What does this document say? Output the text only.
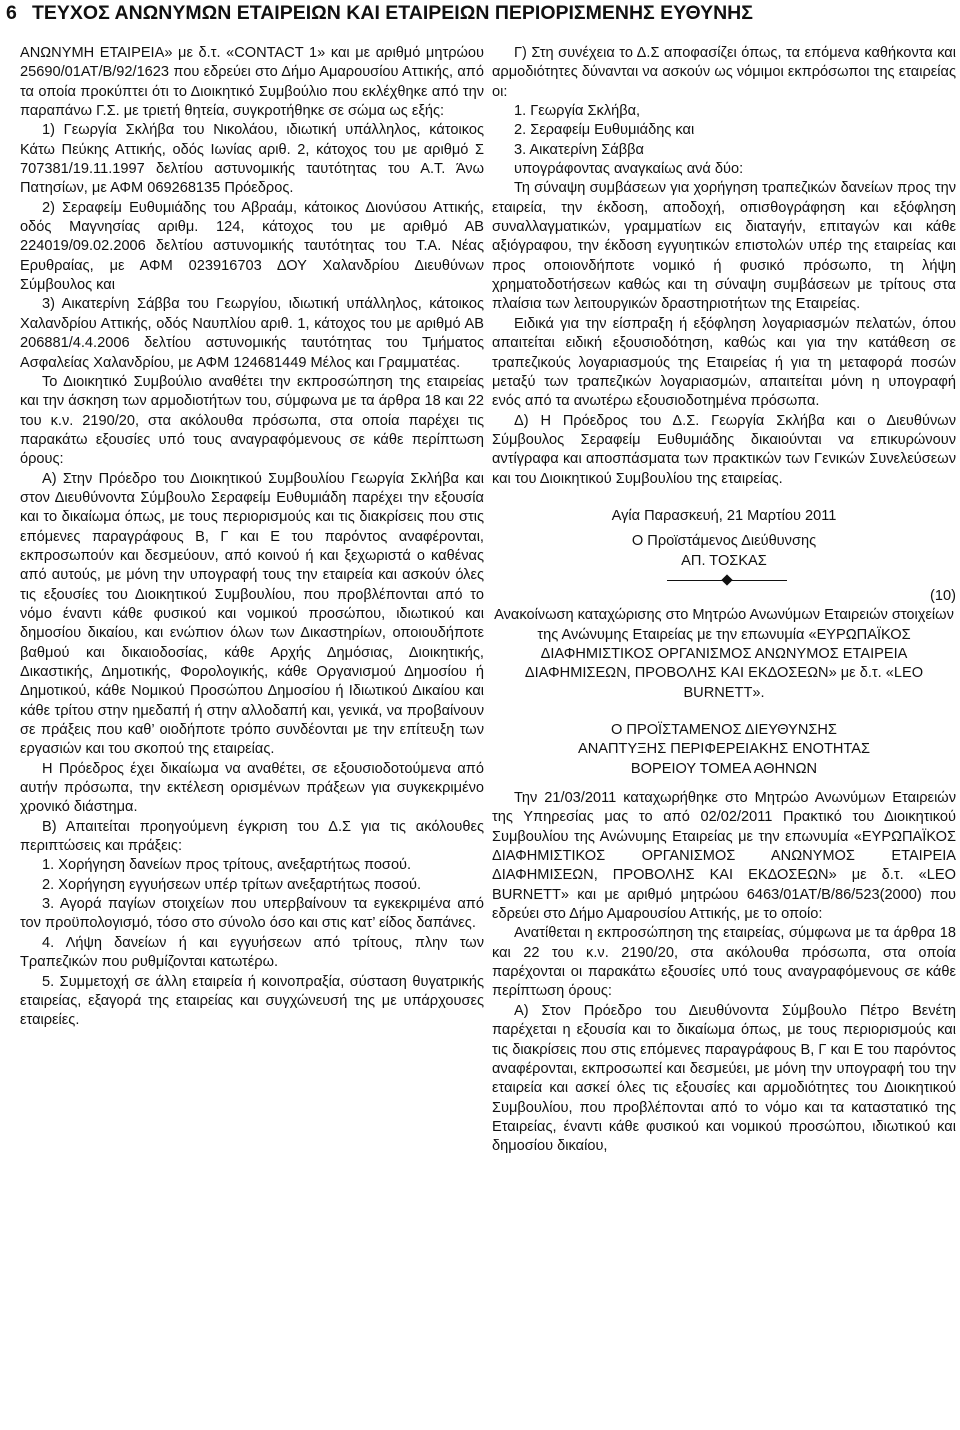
6 ΤΕΥΧΟΣ ΑΝΩΝΥΜΩΝ ΕΤΑΙΡΕΙΩΝ ΚΑΙ ΕΤΑΙΡΕΙΩΝ ΠΕΡΙΟΡΙΣΜΕΝΗΣ ΕΥΘΥΝΗΣ

ΑΝΩΝΥΜΗ ΕΤΑΙΡΕΙΑ» με δ.τ. «CONTACT 1» και με αριθμό μητρώου 25690/01ΑΤ/Β/92/1623 που εδρεύει στο Δήμο Αμαρουσίου Αττικής, από τα οποία προκύπτει ότι το Διοικητικό Συμβούλιο που εκλέχθηκε από την παραπάνω Γ.Σ. με τριετή θητεία, συγκροτήθηκε σε σώμα ως εξής:

1) Γεωργία Σκλήβα του Νικολάου, ιδιωτική υπάλληλος, κάτοικος Κάτω Πεύκης Αττικής, οδός Ιωνίας αριθ. 2, κάτοχος του με αριθμό Σ 707381/19.11.1997 δελτίου αστυνομικής ταυτότητας του Α.Τ. Άνω Πατησίων, με ΑΦΜ 069268135 Πρόεδρος.

2) Σεραφείμ Ευθυμιάδης του Αβραάμ, κάτοικος Διονύσου Αττικής, οδός Μαγνησίας αριθμ. 124, κάτοχος του με αριθμό ΑΒ 224019/09.02.2006 δελτίου αστυνομικής ταυτότητας του Τ.Α. Νέας Ερυθραίας, με ΑΦΜ 023916703 ΔΟΥ Χαλανδρίου Διευθύνων Σύμβουλος και

3) Αικατερίνη Σάββα του Γεωργίου, ιδιωτική υπάλληλος, κάτοικος Χαλανδρίου Αττικής, οδός Ναυπλίου αριθ. 1, κάτοχος του με αριθμό ΑΒ 206881/4.4.2006 δελτίου αστυνομικής ταυτότητας του Τμήματος Ασφαλείας Χαλανδρίου, με ΑΦΜ 124681449 Μέλος και Γραμματέας.

Το Διοικητικό Συμβούλιο αναθέτει την εκπροσώπηση της εταιρείας και την άσκηση των αρμοδιοτήτων του, σύμφωνα με τα άρθρα 18 και 22 του κ.ν. 2190/20, στα ακόλουθα πρόσωπα, στα οποία παρέχει τις παρακάτω εξουσίες υπό τους αναγραφόμενους σε κάθε περίπτωση όρους:

Α) Στην Πρόεδρο του Διοικητικού Συμβουλίου Γεωργία Σκλήβα και στον Διευθύνοντα Σύμβουλο Σεραφείμ Ευθυμιάδη παρέχει την εξουσία και το δικαίωμα όπως, με τους περιορισμούς και τις διακρίσεις που στις επόμενες παραγράφους Β, Γ και Ε του παρόντος αναφέρονται, εκπροσωπούν και δεσμεύουν, από κοινού ή και ξεχωριστά ο καθένας από αυτούς, με μόνη την υπογραφή τους την εταιρεία και ασκούν όλες τις εξουσίες του Διοικητικού Συμβουλίου, που προβλέπονται από το νόμο έναντι κάθε φυσικού και νομικού προσώπου, ιδιωτικού και δημοσίου δικαίου, και ενώπιον όλων των Δικαστηρίων, οποιουδήποτε βαθμού και δικαιοδοσίας, κάθε Αρχής Δημόσιας, Διοικητικής, Δικαστικής, Δημοτικής, Φορολογικής, κάθε Οργανισμού Δημοσίου ή Δημοτικού, κάθε Νομικού Προσώπου Δημοσίου ή Ιδιωτικού Δικαίου και κάθε τρίτου στην ημεδαπή ή στην αλλοδαπή και, γενικά, να προβαίνουν σε πράξεις που καθ’ οιοδήποτε τρόπο συνδέονται με την επίτευξη των εργασιών και του σκοπού της εταιρείας.

Η Πρόεδρος έχει δικαίωμα να αναθέτει, σε εξουσιοδοτούμενα από αυτήν πρόσωπα, την εκτέλεση ορισμένων πράξεων για συγκεκριμένο χρονικό διάστημα.

Β) Απαιτείται προηγούμενη έγκριση του Δ.Σ για τις ακόλουθες περιπτώσεις και πράξεις:

1. Χορήγηση δανείων προς τρίτους, ανεξαρτήτως ποσού.

2. Χορήγηση εγγυήσεων υπέρ τρίτων ανεξαρτήτως ποσού.

3. Αγορά παγίων στοιχείων που υπερβαίνουν τα εγκεκριμένα από τον προϋπολογισμό, τόσο στο σύνολο όσο και στις κατ’ είδος δαπάνες.

4. Λήψη δανείων ή και εγγυήσεων από τρίτους, πλην των Τραπεζικών που ρυθμίζονται κατωτέρω.

5. Συμμετοχή σε άλλη εταιρεία ή κοινοπραξία, σύσταση θυγατρικής εταιρείας, εξαγορά της εταιρείας και συγχώνευσή της με υπάρχουσες εταιρείες.

Γ) Στη συνέχεια το Δ.Σ αποφασίζει όπως, τα επόμενα καθήκοντα και αρμοδιότητες δύνανται να ασκούν ως νόμιμοι εκπρόσωποι της εταιρείας οι:

1. Γεωργία Σκλήβα,

2. Σεραφείμ Ευθυμιάδης και

3. Αικατερίνη Σάββα

υπογράφοντας αναγκαίως ανά δύο:

Τη σύναψη συμβάσεων για χορήγηση τραπεζικών δανείων προς την εταιρεία, την έκδοση, αποδοχή, οπισθογράφηση και εξόφληση συναλλαγματικών, γραμματίων εις διαταγήν, επιταγών και κάθε αξιόγραφου, την έκδοση εγγυητικών επιστολών υπέρ της εταιρείας και προς οποιονδήποτε νομικό ή φυσικό πρόσωπο, τη λήψη χρηματοδοτήσεων καθώς και τη σύναψη συμβάσεων με τρίτους στα πλαίσια των λειτουργικών δραστηριοτήτων της Εταιρείας.

Ειδικά για την είσπραξη ή εξόφληση λογαριασμών πελατών, όπου απαιτείται ειδική εξουσιοδότηση, καθώς και για την κατάθεση σε τραπεζικούς λογαριασμούς της Εταιρείας ή για τη μεταφορά ποσών μεταξύ των τραπεζικών λογαριασμών, απαιτείται μόνη η υπογραφή ενός από τα ανωτέρω εξουσιοδοτημένα πρόσωπα.

Δ) Η Πρόεδρος του Δ.Σ. Γεωργία Σκλήβα και ο Διευθύνων Σύμβουλος Σεραφείμ Ευθυμιάδης δικαιούνται να επικυρώνουν αντίγραφα και αποσπάσματα των πρακτικών των Γενικών Συνελεύσεων και του Διοικητικού Συμβουλίου της εταιρείας.

Αγία Παρασκευή, 21 Μαρτίου 2011

Ο Προϊστάμενος Διεύθυνσης

ΑΠ. ΤΟΣΚΑΣ

(10)

Ανακοίνωση καταχώρισης στο Μητρώο Ανωνύμων Εταιρειών στοιχείων της Ανώνυμης Εταιρείας με την επωνυμία «ΕΥΡΩΠΑΪΚΟΣ ΔΙΑΦΗΜΙΣΤΙΚΟΣ ΟΡΓΑΝΙΣΜΟΣ ΑΝΩΝΥΜΟΣ ΕΤΑΙΡΕΙΑ ΔΙΑΦΗΜΙΣΕΩΝ, ΠΡΟΒΟΛΗΣ ΚΑΙ ΕΚΔΟΣΕΩΝ» με δ.τ. «LEO BURNETT».

Ο ΠΡΟΪΣΤΑΜΕΝΟΣ ΔΙΕΥΘΥΝΣΗΣ

ΑΝΑΠΤΥΞΗΣ ΠΕΡΙΦΕΡΕΙΑΚΗΣ ΕΝΟΤΗΤΑΣ

ΒΟΡΕΙΟΥ ΤΟΜΕΑ ΑΘΗΝΩΝ

Την 21/03/2011 καταχωρήθηκε στο Μητρώο Ανωνύμων Εταιρειών της Υπηρεσίας μας το από 02/02/2011 Πρακτικό του Διοικητικού Συμβουλίου της Ανώνυμης Εταιρείας με την επωνυμία «ΕΥΡΩΠΑΪΚΟΣ ΔΙΑΦΗΜΙΣΤΙΚΟΣ ΟΡΓΑΝΙΣΜΟΣ ΑΝΩΝΥΜΟΣ ΕΤΑΙΡΕΙΑ ΔΙΑΦΗΜΙΣΕΩΝ, ΠΡΟΒΟΛΗΣ ΚΑΙ ΕΚΔΟΣΕΩΝ» με δ.τ. «LEO BURNETT» και με αριθμό μητρώου 6463/01ΑΤ/Β/86/523(2000) που εδρεύει στο Δήμο Αμαρουσίου Αττικής, με το οποίο:

Ανατίθεται η εκπροσώπηση της εταιρείας, σύμφωνα με τα άρθρα 18 και 22 του κ.ν. 2190/20, στα ακόλουθα πρόσωπα, στα οποία παρέχονται οι παρακάτω εξουσίες υπό τους αναγραφόμενους σε κάθε περίπτωση όρους:

Α) Στον Πρόεδρο του Διευθύνοντα Σύμβουλο Πέτρο Βενέτη παρέχεται η εξουσία και το δικαίωμα όπως, με τους περιορισμούς και τις διακρίσεις που στις επόμενες παραγράφους Β, Γ και Ε του παρόντος αναφέρονται, εκπροσωπεί και δεσμεύει, με μόνη την υπογραφή του την εταιρεία και ασκεί όλες τις εξουσίες και αρμοδιότητες του Διοικητικού Συμβουλίου, που προβλέπονται από το νόμο και τα καταστατικό της Εταιρείας, έναντι κάθε φυσικού και νομικού προσώπου, ιδιωτικού και δημοσίου δικαίου,
